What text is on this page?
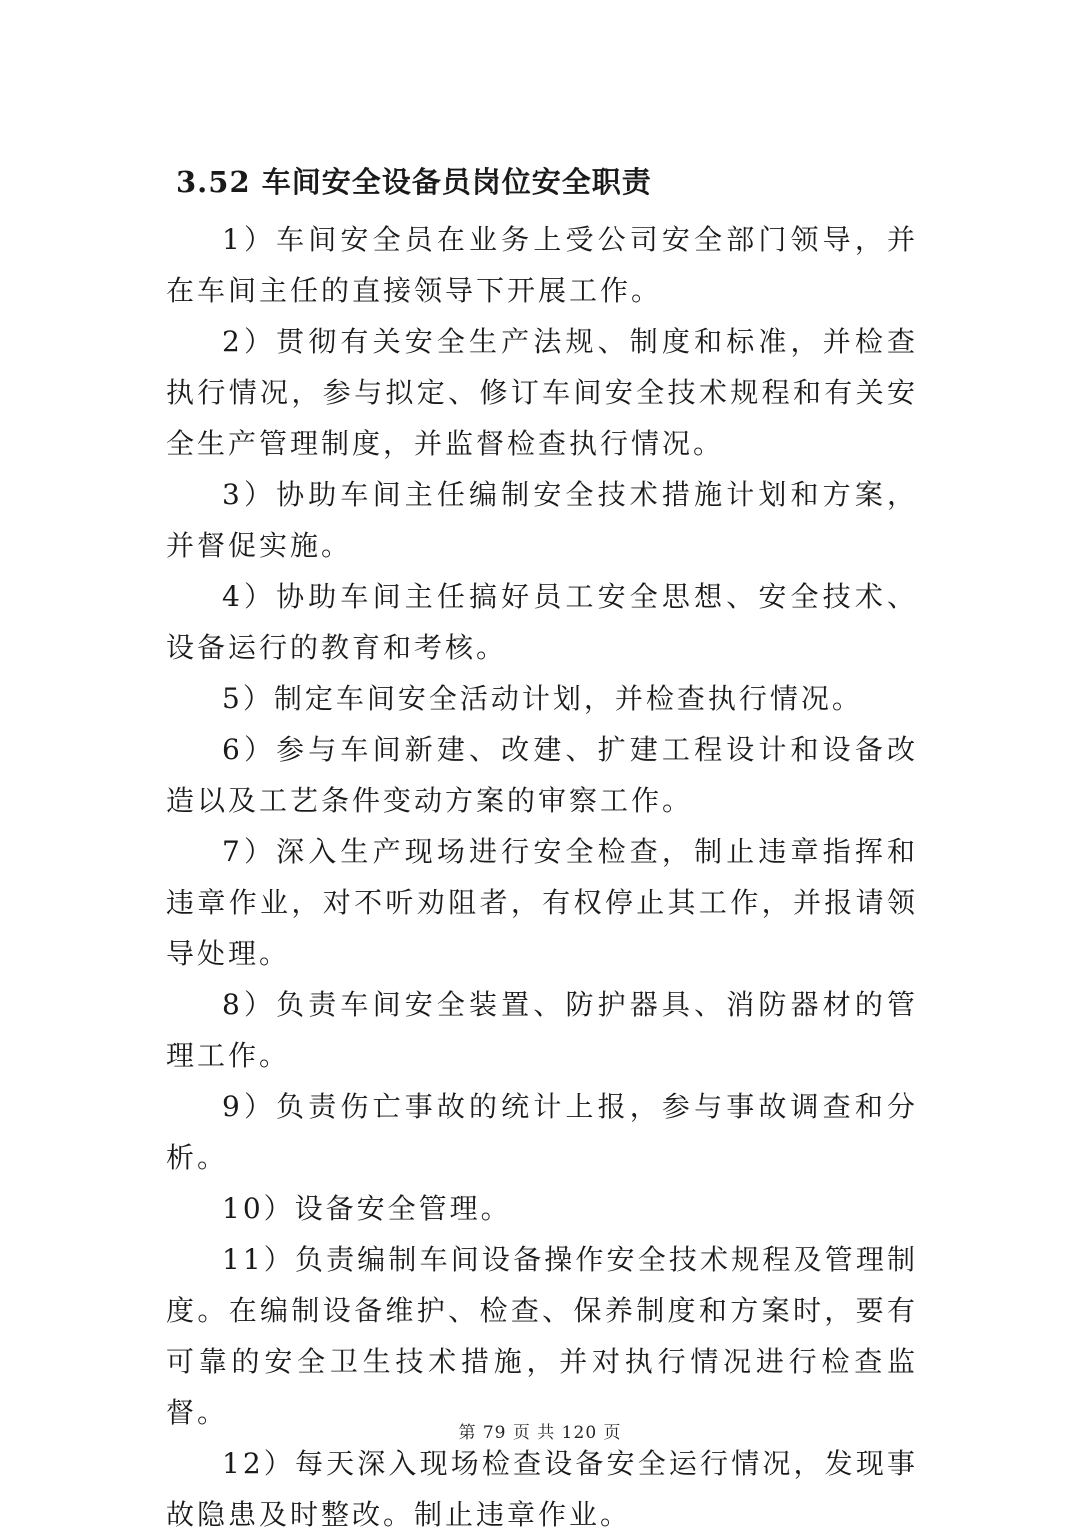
3.52 车间安全设备员岗位安全职责

1）车间安全员在业务上受公司安全部门领导，并在车间主任的直接领导下开展工作。

2）贯彻有关安全生产法规、制度和标准，并检查执行情况，参与拟定、修订车间安全技术规程和有关安全生产管理制度，并监督检查执行情况。

3）协助车间主任编制安全技术措施计划和方案，并督促实施。

4）协助车间主任搞好员工安全思想、安全技术、设备运行的教育和考核。

5）制定车间安全活动计划，并检查执行情况。

6）参与车间新建、改建、扩建工程设计和设备改造以及工艺条件变动方案的审察工作。

7）深入生产现场进行安全检查，制止违章指挥和违章作业，对不听劝阻者，有权停止其工作，并报请领导处理。

8）负责车间安全装置、防护器具、消防器材的管理工作。

9）负责伤亡事故的统计上报，参与事故调查和分析。

10）设备安全管理。

11）负责编制车间设备操作安全技术规程及管理制度。在编制设备维护、检查、保养制度和方案时，要有可靠的安全卫生技术措施，并对执行情况进行检查监督。

12）每天深入现场检查设备安全运行情况，发现事故隐患及时整改。制止违章作业。

第 79 页 共 120 页
